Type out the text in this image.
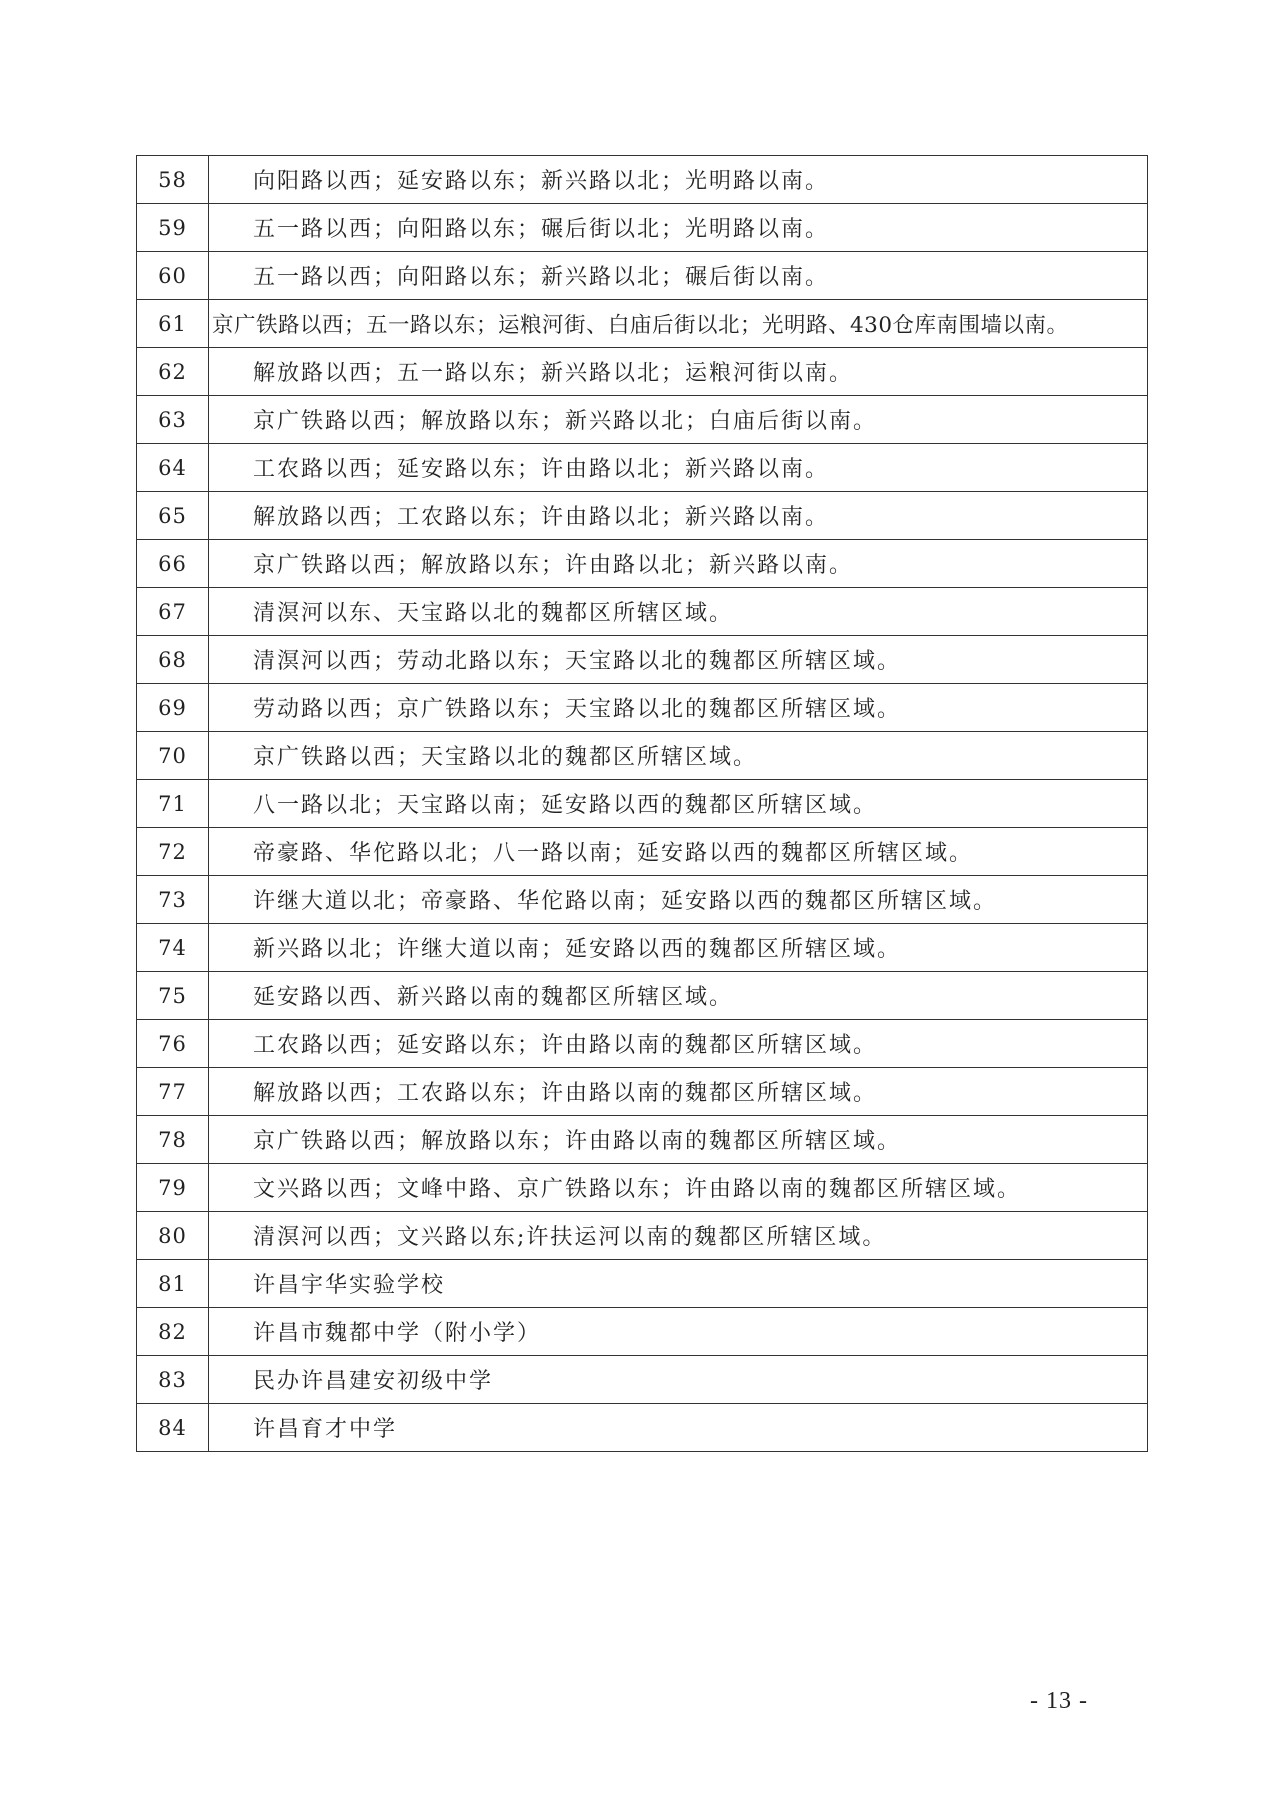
58	向阳路以西；延安路以东；新兴路以北；光明路以南。
59	五一路以西；向阳路以东；碾后街以北；光明路以南。
60	五一路以西；向阳路以东；新兴路以北；碾后街以南。
61	京广铁路以西；五一路以东；运粮河街、白庙后街以北；光明路、430仓库南围墙以南。
62	解放路以西；五一路以东；新兴路以北；运粮河街以南。
63	京广铁路以西；解放路以东；新兴路以北；白庙后街以南。
64	工农路以西；延安路以东；许由路以北；新兴路以南。
65	解放路以西；工农路以东；许由路以北；新兴路以南。
66	京广铁路以西；解放路以东；许由路以北；新兴路以南。
67	清溟河以东、天宝路以北的魏都区所辖区域。
68	清溟河以西；劳动北路以东；天宝路以北的魏都区所辖区域。
69	劳动路以西；京广铁路以东；天宝路以北的魏都区所辖区域。
70	京广铁路以西；天宝路以北的魏都区所辖区域。
71	八一路以北；天宝路以南；延安路以西的魏都区所辖区域。
72	帝豪路、华佗路以北；八一路以南；延安路以西的魏都区所辖区域。
73	许继大道以北；帝豪路、华佗路以南；延安路以西的魏都区所辖区域。
74	新兴路以北；许继大道以南；延安路以西的魏都区所辖区域。
75	延安路以西、新兴路以南的魏都区所辖区域。
76	工农路以西；延安路以东；许由路以南的魏都区所辖区域。
77	解放路以西；工农路以东；许由路以南的魏都区所辖区域。
78	京广铁路以西；解放路以东；许由路以南的魏都区所辖区域。
79	文兴路以西；文峰中路、京广铁路以东；许由路以南的魏都区所辖区域。
80	清溟河以西；文兴路以东;许扶运河以南的魏都区所辖区域。
81	许昌宇华实验学校
82	许昌市魏都中学（附小学）
83	民办许昌建安初级中学
84	许昌育才中学
- 13 -
